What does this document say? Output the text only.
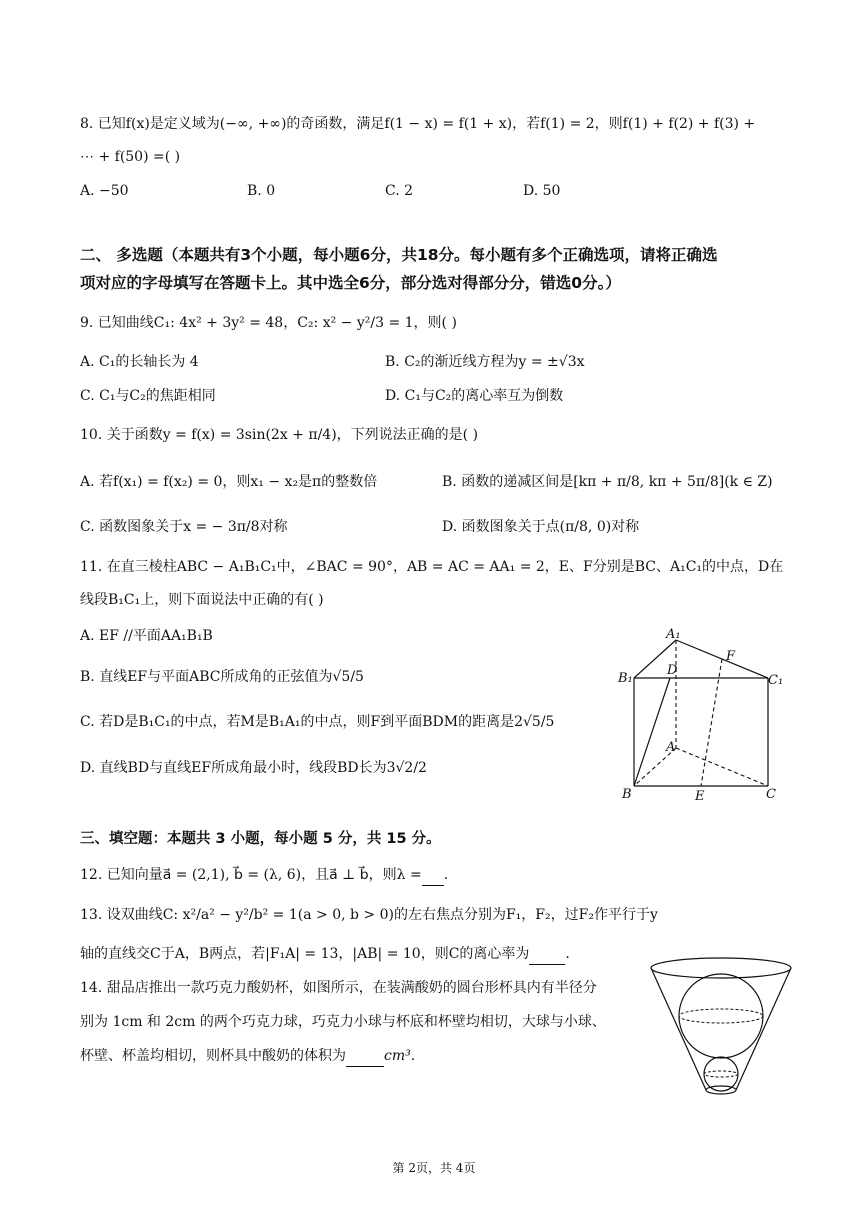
8. 已知f(x)是定义域为(−∞, +∞)的奇函数，满足f(1 − x) = f(1 + x)，若f(1) = 2，则f(1) + f(2) + f(3) +
⋯ + f(50) =( )
A. −50	B. 0	C. 2	D. 50
二、 多选题（本题共有3个小题，每小题6分，共18分。每小题有多个正确选项，请将正确选
项对应的字母填写在答题卡上。其中选全6分，部分选对得部分分，错选0分。）
9. 已知曲线C₁: 4x² + 3y² = 48，C₂: x² − y²/3 = 1，则( )
A. C₁的长轴长为 4	B. C₂的渐近线方程为y = ±√3x
C. C₁与C₂的焦距相同	D. C₁与C₂的离心率互为倒数
10. 关于函数y = f(x) = 3sin(2x + π/4)，下列说法正确的是( )
A. 若f(x₁) = f(x₂) = 0，则x₁ − x₂是π的整数倍	B. 函数的递减区间是[kπ + π/8, kπ + 5π/8](k ∈ Z)
C. 函数图象关于x = − 3π/8对称	D. 函数图象关于点(π/8, 0)对称
11. 在直三棱柱ABC − A₁B₁C₁中，∠BAC = 90°，AB = AC = AA₁ = 2，E、F分别是BC、A₁C₁的中点，D在
线段B₁C₁上，则下面说法中正确的有( )
A. EF //平面AA₁B₁B
B. 直线EF与平面ABC所成角的正弦值为√5/5
C. 若D是B₁C₁的中点，若M是B₁A₁的中点，则F到平面BDM的距离是2√5/5
D. 直线BD与直线EF所成角最小时，线段BD长为3√2/2
A₁
F
D
B₁	C₁
A
B	E	C
三、填空题：本题共 3 小题，每小题 5 分，共 15 分。
12. 已知向量a⃗ = (2,1), b⃗ = (λ, 6)，且a⃗ ⊥ b⃗，则λ = .
13. 设双曲线C: x²/a² − y²/b² = 1(a > 0, b > 0)的左右焦点分别为F₁，F₂，过F₂作平行于y
轴的直线交C于A，B两点，若|F₁A| = 13，|AB| = 10，则C的离心率为	.
14. 甜品店推出一款巧克力酸奶杯，如图所示，在装满酸奶的圆台形杯具内有半径分
别为 1cm 和 2cm 的两个巧克力球，巧克力小球与杯底和杯壁均相切，大球与小球、
杯壁、杯盖均相切，则杯具中酸奶的体积为	cm³.
第 2页，共 4页
